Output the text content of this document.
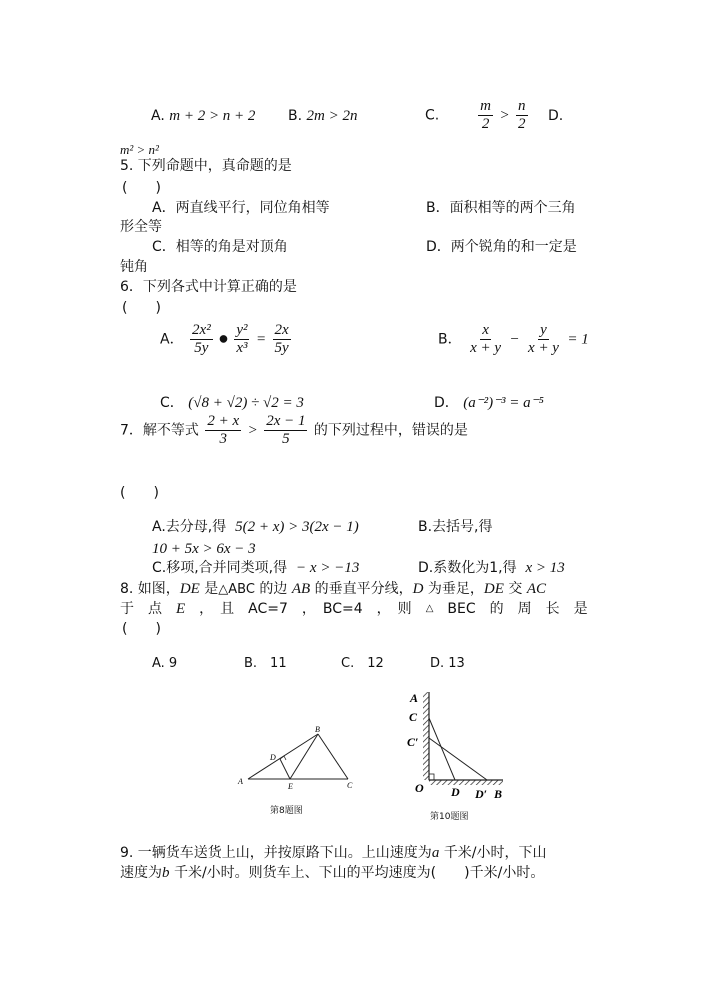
A. m + 2 > n + 2 B. 2m > 2n	C.	$\frac{m}{2} > \frac{n}{2} D$.
m² > n²
5. 下列命题中，真命题的是
(　　)
A．两直线平行，同位角相等	B．面积相等的两个三角
形全等
C．相等的角是对顶角	D．两个锐角的和一定是
钝角
6．下列各式中计算正确的是
(　　)
A． $\frac{\text{2x²}}{5y}$ ● $\frac{\text{y²}}{\text{x³}} = \frac{2x}{5y}$	B． $\frac{x}{x + y} - \frac{y}{x + y} = 1$
C． (√8 + √2) ÷ √2 = 3	D． (a⁻²)⁻³ = a⁻⁵
7．解不等式 $\frac{2 + x}{3} > \frac{2x - 1}{5}$ 的下列过程中，错误的是
(　　)
A.去分母,得 5(2 + x) > 3(2x − 1)	B.去括号,得
10 + 5x > 6x − 3
C.移项,合并同类项,得 − x > −13	D.系数化为1,得 x > 13
8. 如图，DE 是△ABC 的边 AB 的垂直平分线，D 为垂足，DE 交 AC
于　点　 E　 ，　且　AC=7　，　BC=4　，　则　 △　 BEC　 的　周　长　是
(　　)
A. 9	B.　11	C.　12	D. 13
A
B
C
D
E
第8题图
A
C
C′
O D D′ B
第10题图
9. 一辆货车送货上山，并按原路下山。上山速度为a 千米/小时，下山
速度为b 千米/小时。则货车上、下山的平均速度为(　　)千米/小时。
